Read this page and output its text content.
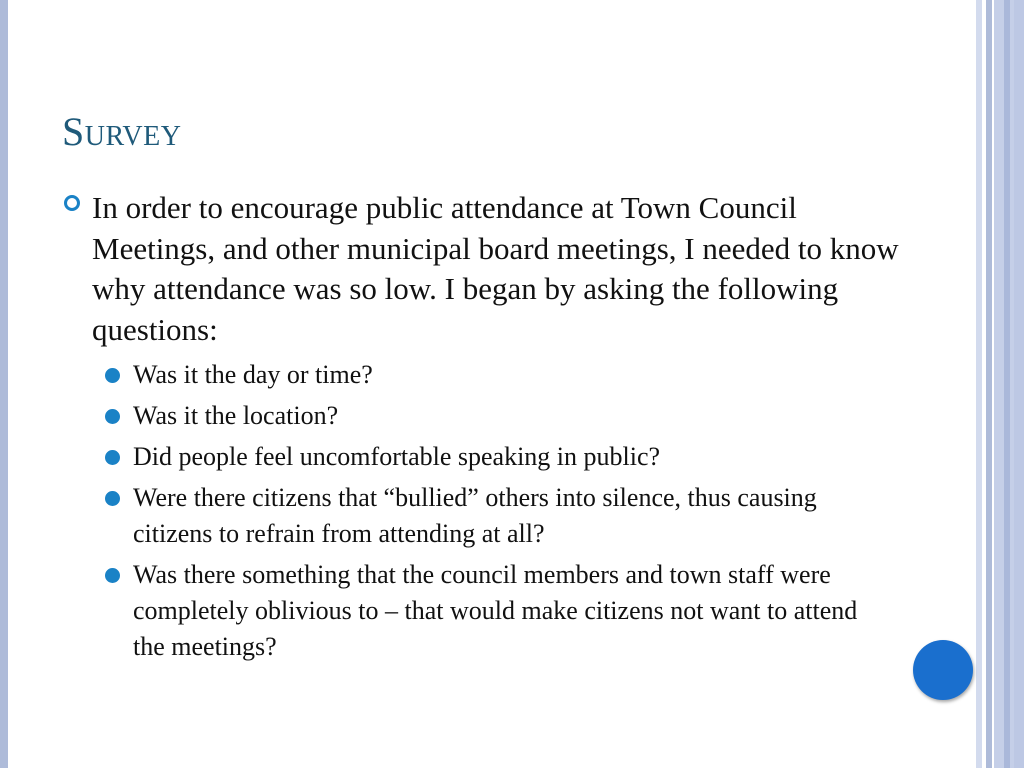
Survey
In order to encourage public attendance at Town Council Meetings, and other municipal board meetings, I needed to know why attendance was so low. I began by asking the following questions:
Was it the day or time?
Was it the location?
Did people feel uncomfortable speaking in public?
Were there citizens that “bullied” others into silence, thus causing citizens to refrain from attending at all?
Was there something that the council members and town staff were completely oblivious to – that would make citizens not want to attend the meetings?
